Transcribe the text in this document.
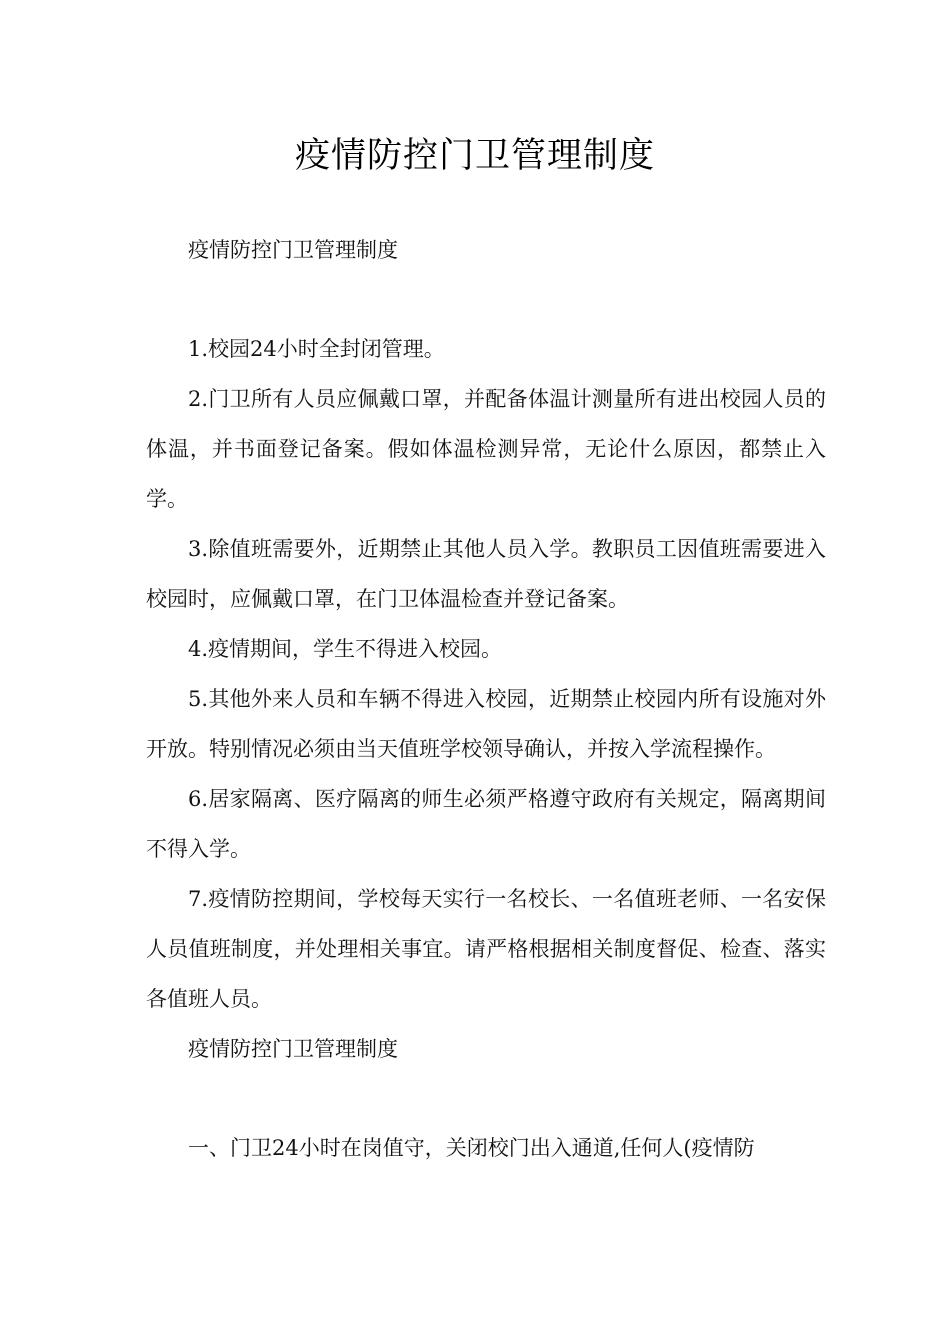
疫情防控门卫管理制度

疫情防控门卫管理制度

1.校园24小时全封闭管理。

2.门卫所有人员应佩戴口罩，并配备体温计测量所有进出校园人员的体温，并书面登记备案。假如体温检测异常，无论什么原因，都禁止入学。

3.除值班需要外，近期禁止其他人员入学。教职员工因值班需要进入校园时，应佩戴口罩，在门卫体温检查并登记备案。

4.疫情期间，学生不得进入校园。

5.其他外来人员和车辆不得进入校园，近期禁止校园内所有设施对外开放。特别情况必须由当天值班学校领导确认，并按入学流程操作。

6.居家隔离、医疗隔离的师生必须严格遵守政府有关规定，隔离期间不得入学。

7.疫情防控期间，学校每天实行一名校长、一名值班老师、一名安保人员值班制度，并处理相关事宜。请严格根据相关制度督促、检查、落实各值班人员。

疫情防控门卫管理制度

一、门卫24小时在岗值守，关闭校门出入通道,任何人(疫情防
